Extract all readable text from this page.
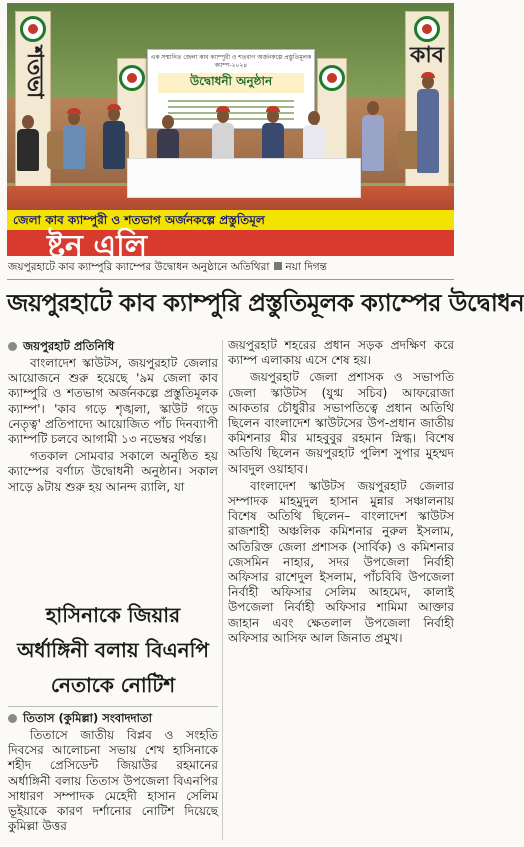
শতভা	কাব
এক সম্মানিত জেলা কাব ক্যাম্পুরী ও শতবাগ অর্জনকল্পে প্রস্তুতিমূলক ক্যাম্প-২০২৪
উদ্বোধনী অনুষ্ঠান
জেলা কাব ক্যাম্পুরী ও শতভাগ অর্জনকল্পে প্রস্তুতিমূল
ষ্টন এলি
জয়পুরহাটে কাব ক্যাম্পুরি ক্যাম্পের উদ্বোধন অনুষ্ঠানে অতিথিরা নয়া দিগন্ত
জয়পুরহাটে কাব ক্যাম্পুরি প্রস্তুতিমূলক ক্যাম্পের উদ্বোধন
জয়পুরহাট প্রতিনিধি

বাংলাদেশ স্কাউটস, জয়পুরহাট জেলার আয়োজনে শুরু হয়েছে '৯ম জেলা কাব ক্যাম্পুরি ও শতভাগ অর্জনকল্পে প্রস্তুতিমূলক ক্যাম্প'। 'কাব গড়ে শৃঙ্খলা, স্কাউট গড়ে নেতৃত্ব' প্রতিপাদ্যে আয়োজিত পাঁচ দিনব্যাপী ক্যাম্পটি চলবে আগামী ১৩ নভেম্বর পর্যন্ত।

গতকাল সোমবার সকালে অনুষ্ঠিত হয় ক্যাম্পের বর্ণাঢ্য উদ্বোধনী অনুষ্ঠান। সকাল সাড়ে ৯টায় শুরু হয় আনন্দ র‌্যালি, যা

জয়পুরহাট শহরের প্রধান সড়ক প্রদক্ষিণ করে ক্যাম্প এলাকায় এসে শেষ হয়।

জয়পুরহাট জেলা প্রশাসক ও সভাপতি জেলা স্কাউটস (যুগ্ম সচিব) আফরোজা আকতার চৌধুরীর সভাপতিত্বে প্রধান অতিথি ছিলেন বাংলাদেশ স্কাউটসের উপ-প্রধান জাতীয় কমিশনার মীর মাহবুবুর রহমান স্নিগ্ধ। বিশেষ অতিথি ছিলেন জয়পুরহাট পুলিশ সুপার মুহম্মদ আবদুল ওয়াহাব।

বাংলাদেশ স্কাউটস জয়পুরহাট জেলার সম্পাদক মাহমুদুল হাসান মুন্নার সঞ্চালনায় বিশেষ অতিথি ছিলেন– বাংলাদেশ স্কাউটস রাজশাহী অঞ্চলিক কমিশনার নুরুল ইসলাম, অতিরিক্ত জেলা প্রশাসক (সার্বিক) ও কমিশনার জেসমিন নাহার, সদর উপজেলা নির্বাহী অফিসার রাশেদুল ইসলাম, পাঁচবিবি উপজেলা নির্বাহী অফিসার সেলিম আহমেদ, কালাই উপজেলা নির্বাহী অফিসার শামিমা আক্তার জাহান এবং ক্ষেতলাল উপজেলা নির্বাহী অফিসার আসিফ আল জিনাত প্রমুখ।

হাসিনাকে জিয়ার অর্ধাঙ্গিনী বলায় বিএনপি নেতাকে নোটিশ
তিতাস (কুমিল্লা) সংবাদদাতা

তিতাসে জাতীয় বিপ্লব ও সংহতি দিবসের আলোচনা সভায় শেখ হাসিনাকে শহীদ প্রেসিডেন্ট জিয়াউর রহমানের অর্ধাঙ্গিনী বলায় তিতাস উপজেলা বিএনপির সাধারণ সম্পাদক মেহেদী হাসান সেলিম ভূইয়াকে কারণ দর্শানোর নোটিশ দিয়েছে কুমিল্লা উত্তর
